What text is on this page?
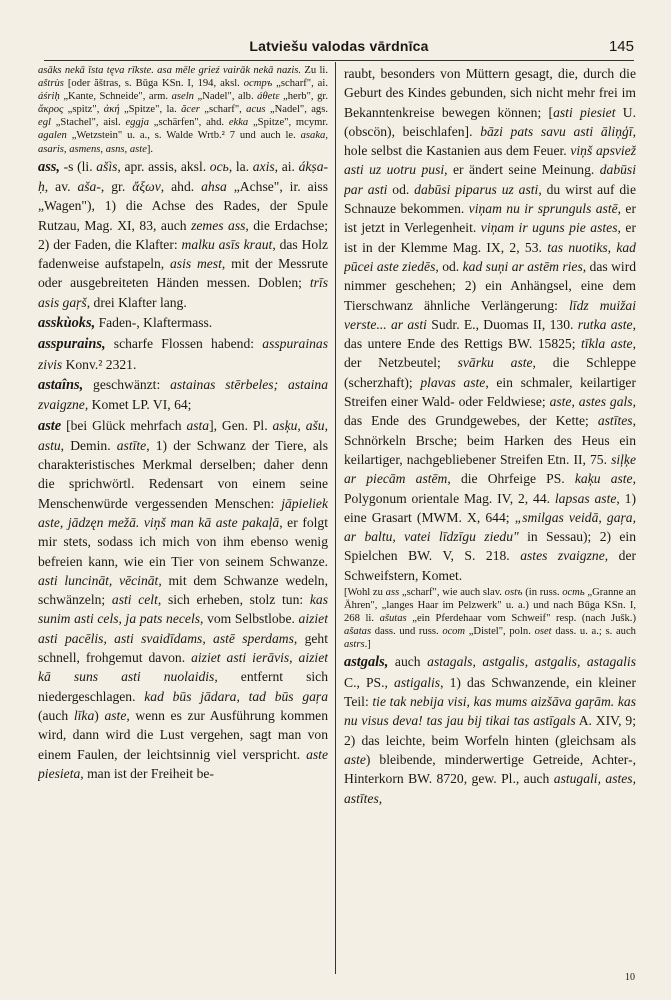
Latviešu valodas vārdnīca	145

asāks nekā īsta tęva rīkste. asa mēle grieź vairāk nekā nazis. Zu li. aštrùs [oder ăštras, s. Būga KSn. I, 194, aksl. ocmpъ „scharf", ai. áśriḥ „Kante, Schneide", arm. aseln „Nadel", alb. áθetε „herb", gr. ἄκρος „spitz", ἀκή „Spitze", la. ăcer „scharf", acus „Nadel", ags. egl „Stachel", aisl. eggja „schärfen", ahd. ekka „Spitze", mcymr. agalen „Wetzstein" u. a., s. Walde Wrtb.² 7 und auch le. asaka, asaris, asmens, asns, aste].

ass, -s (li. ašìs, apr. assis, aksl. ocь, la. axis, ai. ákṣa-ḥ, av. aša-, gr. ἄξων, ahd. ahsa „Achse", ir. aiss „Wagen"), 1) die Achse des Rades, der Spule Rutzau, Mag. XI, 83, auch zemes ass, die Erdachse; 2) der Faden, die Klafter: malku asīs kraut, das Holz fadenweise aufstapeln, asis mest, mit der Messrute oder ausgebreiteten Händen messen. Doblen; trīs asis gaŗš, drei Klafter lang.

asskùoks, Faden-, Klaftermass.

asspurains, scharfe Flossen habend: asspurainas zivis Konv.² 2321.

astaîns, geschwänzt: astainas stērbeles; astaina zvaigzne, Komet LP. VI, 64;

aste [bei Glück mehrfach asta], Gen. Pl. asķu, ašu, astu, Demin. astīte, 1) der Schwanz der Tiere, als charakteristisches Merkmal derselben; daher denn die sprichwörtl. Redensart von einem seine Menschenwürde vergessenden Menschen: jāpieliek aste, jādzęn mežā. viņš man kā aste pakaļā, er folgt mir stets, sodass ich mich von ihm ebenso wenig befreien kann, wie ein Tier von seinem Schwanze. asti luncināt, vēcināt, mit dem Schwanze wedeln, schwänzeln; asti celt, sich erheben, stolz tun: kas sunim asti cels, ja pats necels, vom Selbstlobe. aiziet asti pacēlis, asti svaidīdams, astē sperdams, geht schnell, frohgemut davon. aiziet asti ierāvis, aiziet kā suns asti nuolaidis, entfernt sich niedergeschlagen. kad būs jādara, tad būs gaŗa (auch līka) aste, wenn es zur Ausführung kommen wird, dann wird die Lust vergehen, sagt man von einem Faulen, der leichtsinnig viel verspricht. aste piesieta, man ist der Freiheit be-

raubt, besonders von Müttern gesagt, die, durch die Geburt des Kindes gebunden, sich nicht mehr frei im Bekanntenkreise bewegen können; [asti piesiet U. (obscön), beischlafen]. bāzi pats savu asti āliņģī, hole selbst die Kastanien aus dem Feuer. viņš apsviež asti uz uotru pusi, er ändert seine Meinung. dabūsi par asti od. dabūsi piparus uz asti, du wirst auf die Schnauze bekommen. viņam nu ir sprunguls astē, er ist jetzt in Verlegenheit. viņam ir uguns pie astes, er ist in der Klemme Mag. IX, 2, 53. tas nuotiks, kad pūcei aste ziedēs, od. kad suņi ar astēm ries, das wird nimmer geschehen; 2) ein Anhängsel, eine dem Tierschwanz ähnliche Verlängerung: līdz muižai verste... ar asti Sudr. E., Duomas II, 130. rutka aste, das untere Ende des Rettigs BW. 15825; tīkla aste, der Netzbeutel; svārku aste, die Schleppe (scherzhaft); plavas aste, ein schmaler, keilartiger Streifen einer Wald- oder Feldwiese; aste, astes gals, das Ende des Grundgewebes, der Kette; astītes, Schnörkeln Brsche; beim Harken des Heus ein keilartiger, nachgebliebener Streifen Etn. II, 75. siļķe ar piecām astēm, die Ohrfeige PS. kaķu aste, Polygonum orientale Mag. IV, 2, 44. lapsas aste, 1) eine Grasart (MWM. X, 644; „smilgas veidā, gaŗa, ar baltu, vatei līdzīgu ziedu" in Sessau); 2) ein Spielchen BW. V, S. 218. astes zvaigzne, der Schweifstern, Komet.

[Wohl zu ass „scharf", wie auch slav. ostъ (in russ. ocmь „Granne an Ähren", „langes Haar im Pelzwerk" u. a.) und nach Būga KSn. I, 268 li. ašutas „ein Pferdehaar vom Schweif" resp. (nach Jušk.) ašatas dass. und russ. осот „Distel", poln. oset dass. u. a.; s. auch astrs.]

astgals, auch astagals, astgalis, astgalis, astagalis C., PS., astigalis, 1) das Schwanzende, ein kleiner Teil: tie tak nebija visi, kas mums aizšāva gaŗām. kas nu visus deva! tas jau bij tikai tas astīgals A. XIV, 9; 2) das leichte, beim Worfeln hinten (gleichsam als aste) bleibende, minderwertige Getreide, Achter-, Hinterkorn BW. 8720, gew. Pl., auch astugali, astes, astītes,

10
